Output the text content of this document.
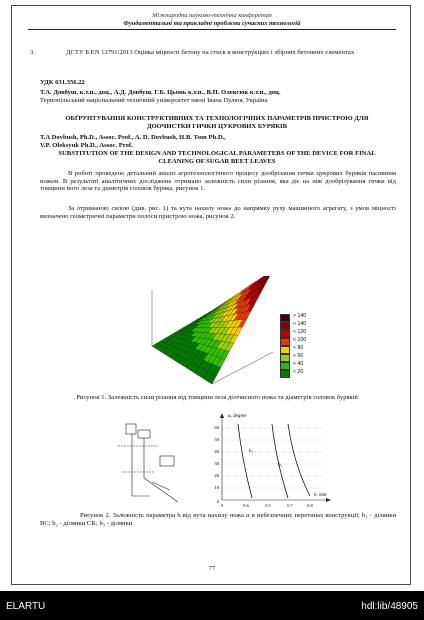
Міжнародна науково-технічна конференція
Фундаментальні та прикладні проблеми сучасних технологій
3.	ДСТУ Б EN 13791:2013 Оцінка міцності бетону на стиск в конструкціях і збірних бетонних елементах
УДК 631.356.22
Т.А. Довбуш, к.т.н., доц., А.Д. Довбуш, Г.Б. Цьонь к.т.н., В.П. Олексюк к.т.н., доц.
Тернопільський національний технічний університет імені Івана Пулюя, Україна
ОБҐРУНТУВАННЯ КОНСТРУКТИВНИХ ТА ТЕХНОЛОГІЧНИХ ПАРАМЕТРІВ ПРИСТРОЮ ДЛЯ ДООЧИСТКИ ГИЧКИ ЦУКРОВИХ БУРЯКІВ
T.A Dovbush, Ph.D., Assoc. Prof., A. D. Dovbush, H.B. Tson Ph.D.,
V.P. Oleksyuk Ph.D., Assoc. Prof.
SUBSTITUTION OF THE DESIGN AND TECHNOLOGICAL PARAMETERS OF THE DEVICE FOR FINAL CLEANING OF SUGAR BEET LEAVES
В роботі проведено детальний аналіз агротехнологічного процесу дообрізання гички цукрових буряків пасивним ножем. В результаті аналітичних досліджень отримано залежність сили різання, яка діє на ніж дообрізування гички від товщини його леза та діаметрів головок буряка, рисунок 1.
За отриманою силою (див. рис. 1) та кута нахилу ножа до напрямку руху машинного агрегату, з умов міцності визначено геометричні параметри полоси пристрою ножа, рисунок 2.
> 140
< 140
< 120
< 100
< 80
< 60
< 40
< 20
Рисунок 1. Залежність сили різання від товщини леза доочисного ножа та діаметрів головок буряків
α, degree
b, mm
60
50
40
30
20
10
0
0	0.6	0.5	0.7	0.8
b₁
b₂
Рисунок 2. Залежність параметра b від кута нахилу ножа α в небезпечних перетинах конструкції; b₁ - ділянки BC; b₂ - ділянки CK; b₃ - ділянки
77
ELARTU	hdl:lib/48905
